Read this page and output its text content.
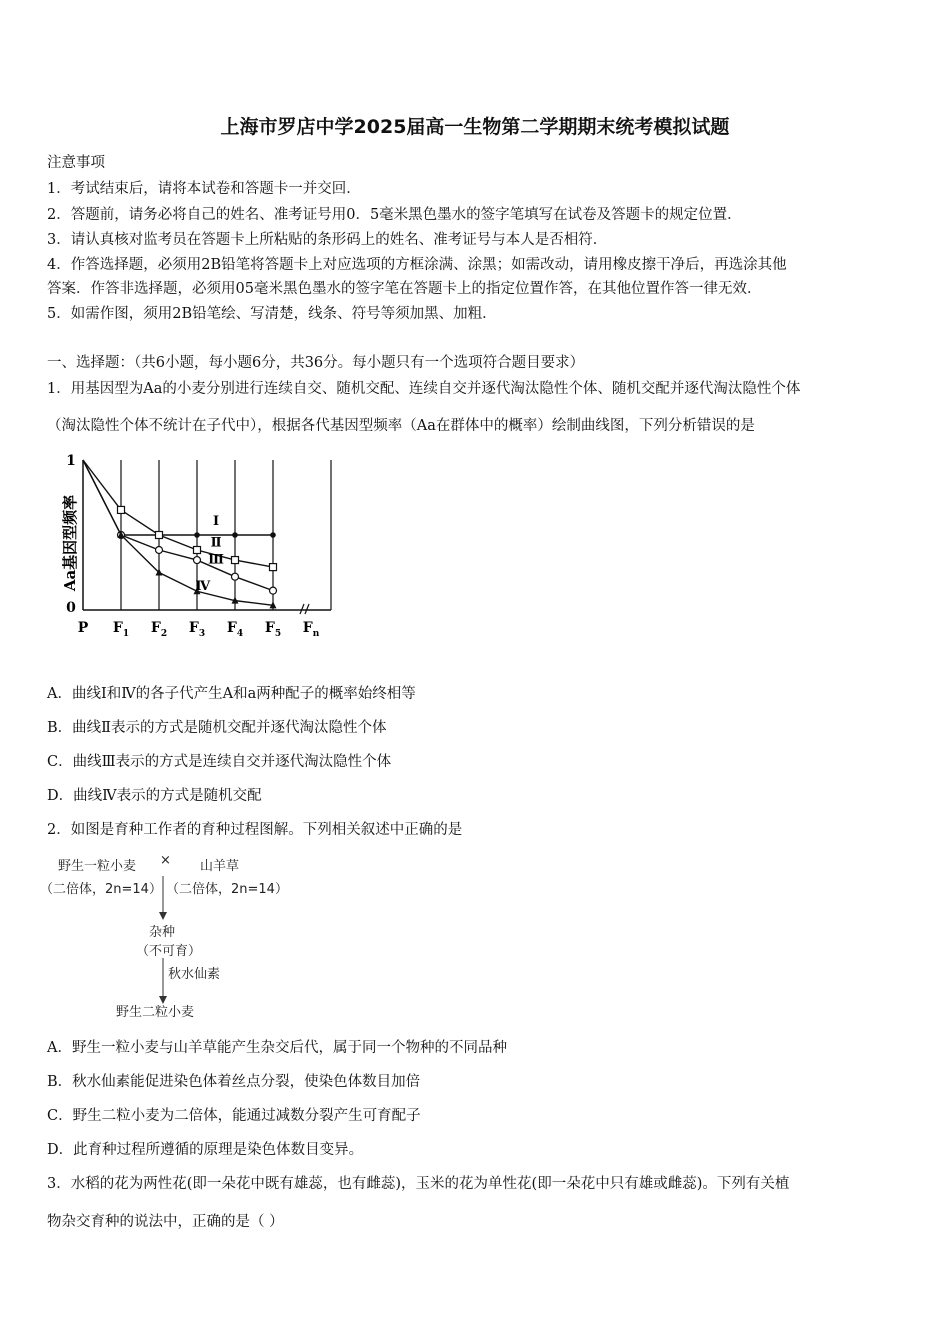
上海市罗店中学2025届高一生物第二学期期末统考模拟试题
注意事项
1．考试结束后，请将本试卷和答题卡一并交回．
2．答题前，请务必将自己的姓名、准考证号用0．5毫米黑色墨水的签字笔填写在试卷及答题卡的规定位置．
3．请认真核对监考员在答题卡上所粘贴的条形码上的姓名、准考证号与本人是否相符．
4．作答选择题，必须用2B铅笔将答题卡上对应选项的方框涂满、涂黑；如需改动，请用橡皮擦干净后，再选涂其他
答案．作答非选择题，必须用05毫米黑色墨水的签字笔在答题卡上的指定位置作答，在其他位置作答一律无效．
5．如需作图，须用2B铅笔绘、写清楚，线条、符号等须加黑、加粗．
一、选择题：（共6小题，每小题6分，共36分。每小题只有一个选项符合题目要求）
1．用基因型为Aa的小麦分别进行连续自交、随机交配、连续自交并逐代淘汰隐性个体、随机交配并逐代淘汰隐性个体
（淘汰隐性个体不统计在子代中），根据各代基因型频率（Aa在群体中的概率）绘制曲线图，下列分析错误的是
Aa基因型频率
1
0
P $F_1$ $F_2$ $F_3$ $F_4$ $F_5$ $F_n$
Ⅰ
Ⅱ
Ⅲ
Ⅳ
A．曲线Ⅰ和Ⅳ的各子代产生A和a两种配子的概率始终相等
B．曲线Ⅱ表示的方式是随机交配并逐代淘汰隐性个体
C．曲线Ⅲ表示的方式是连续自交并逐代淘汰隐性个体
D．曲线Ⅳ表示的方式是随机交配
2．如图是育种工作者的育种过程图解。下列相关叙述中正确的是
野生一粒小麦 × 山羊草
（二倍体，2n=14） （二倍体，2n=14）
杂种
（不可育）
秋水仙素
野生二粒小麦
A．野生一粒小麦与山羊草能产生杂交后代，属于同一个物种的不同品种
B．秋水仙素能促进染色体着丝点分裂，使染色体数目加倍
C．野生二粒小麦为二倍体，能通过减数分裂产生可育配子
D．此育种过程所遵循的原理是染色体数目变异。
3．水稻的花为两性花(即一朵花中既有雄蕊，也有雌蕊)，玉米的花为单性花(即一朵花中只有雄或雌蕊)。下列有关植
物杂交育种的说法中，正确的是（ ）
